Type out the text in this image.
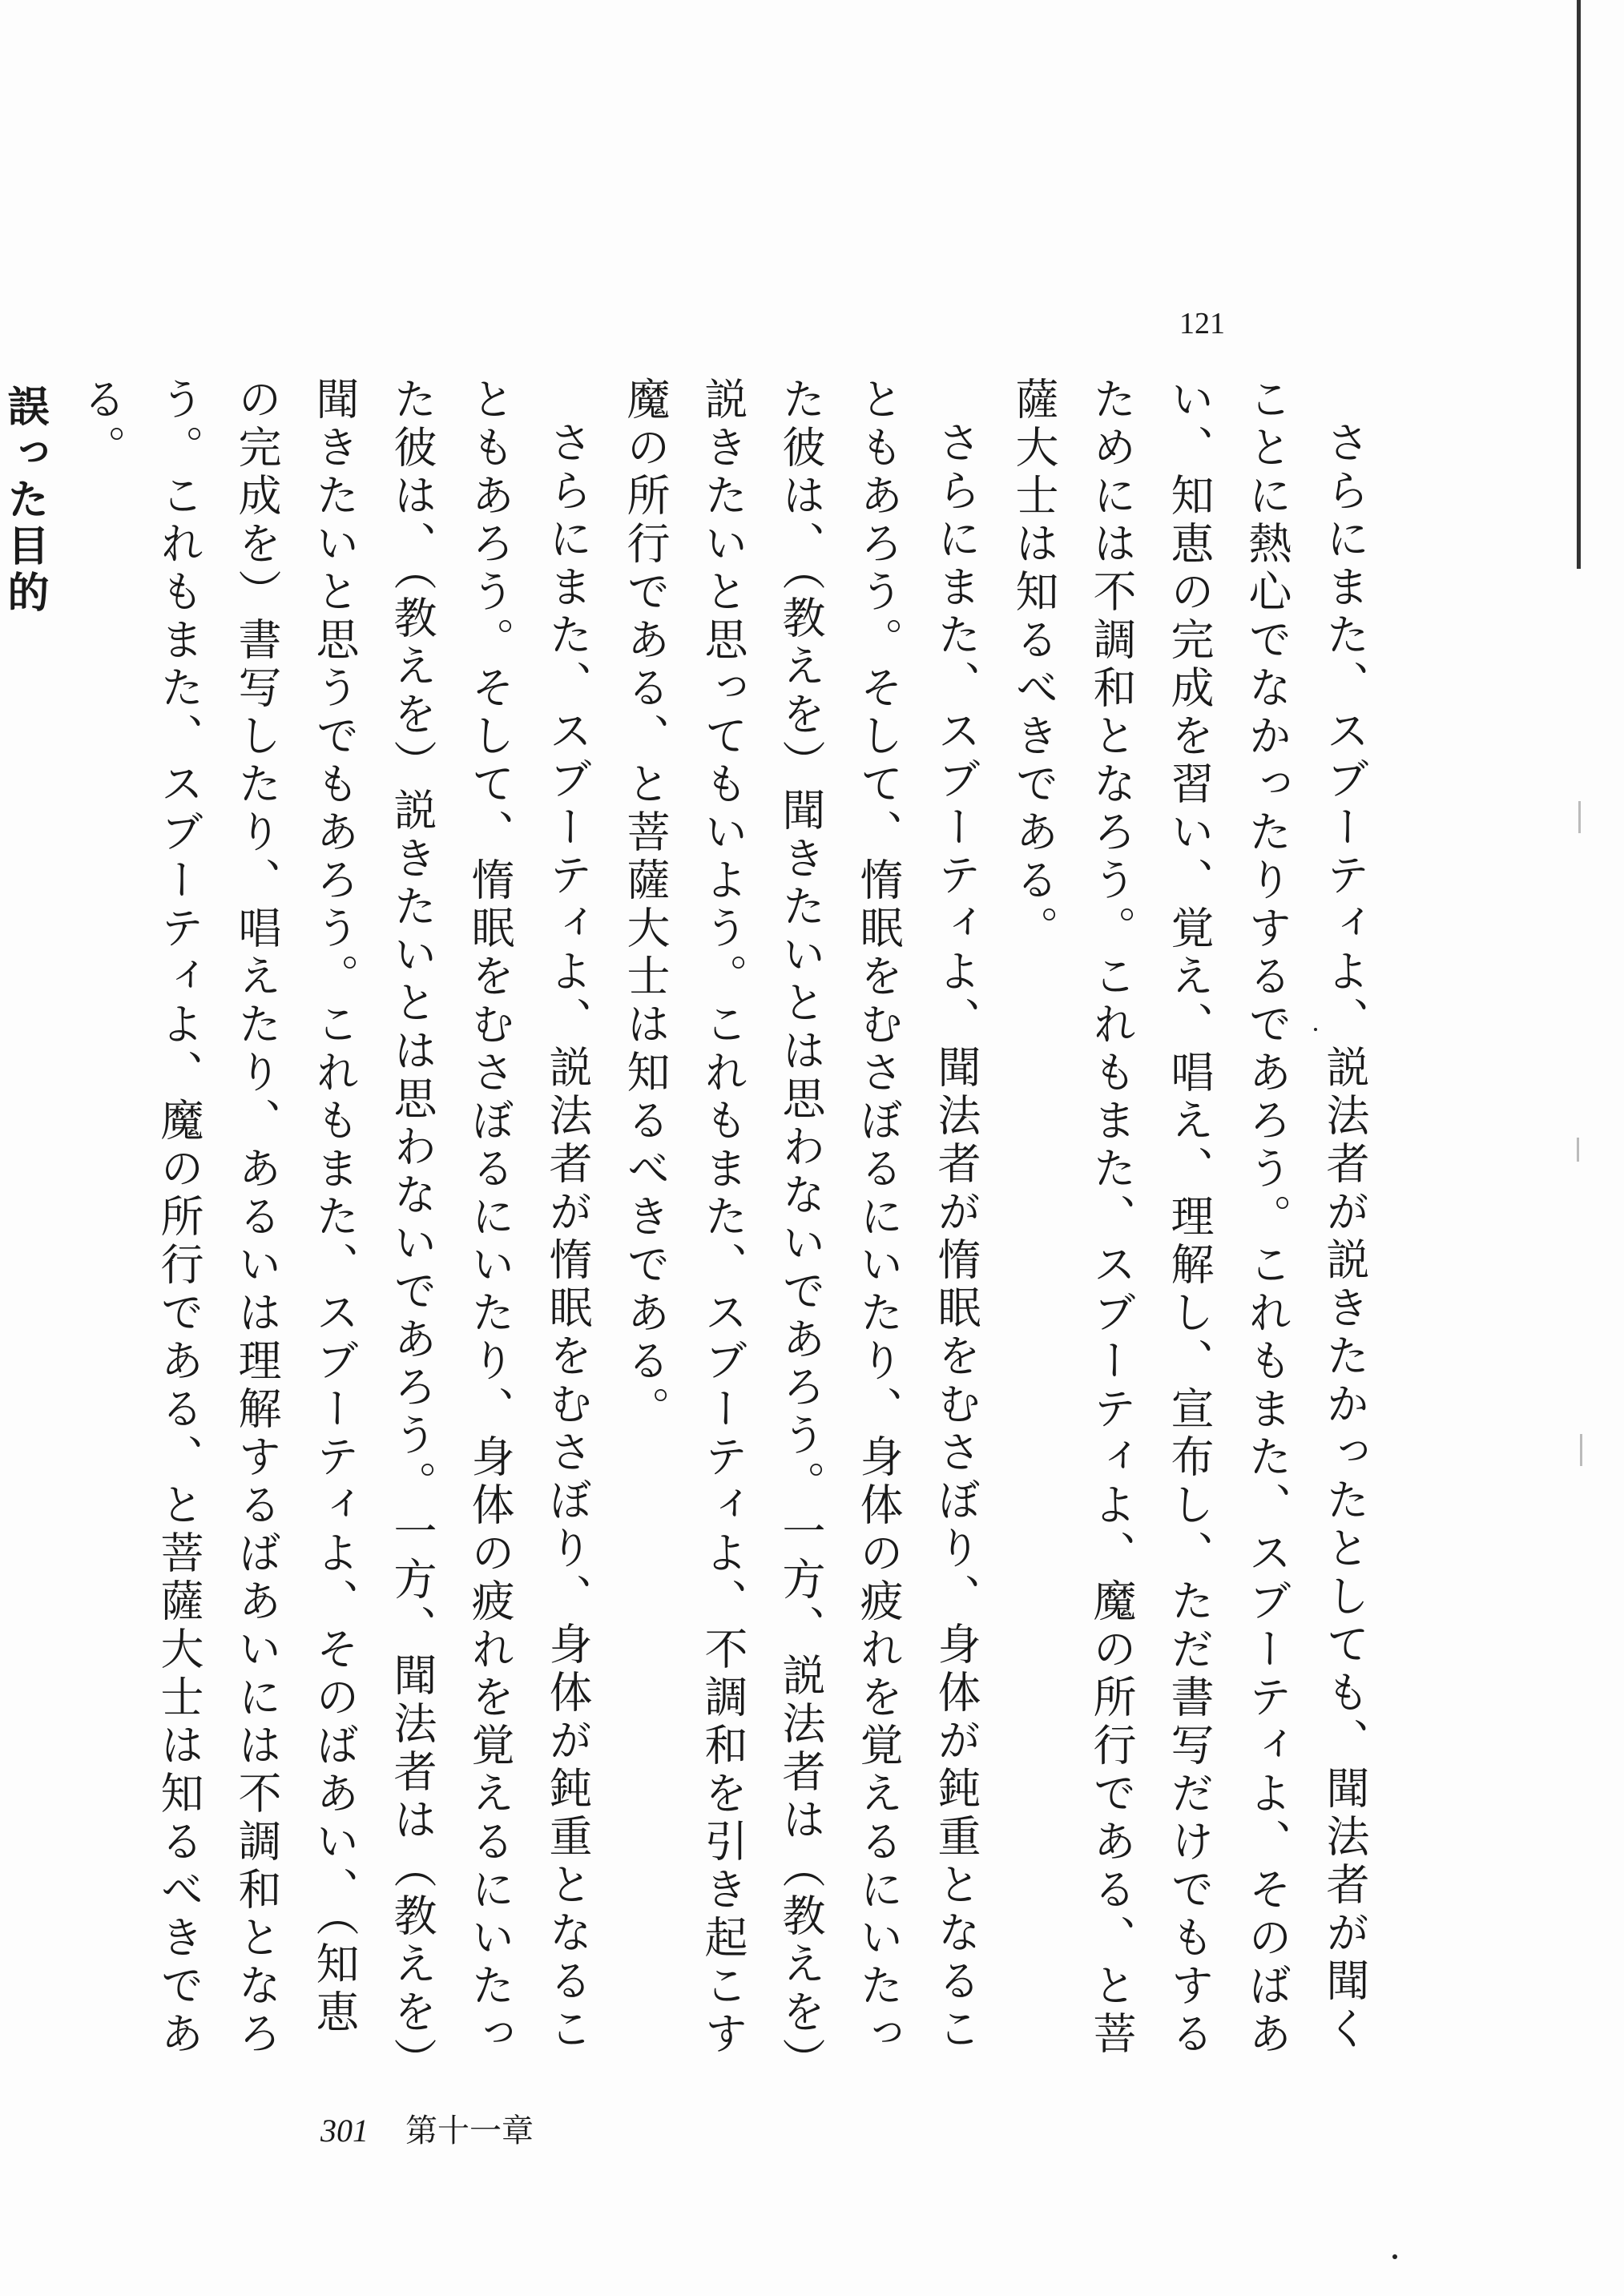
121

さらにまた、スブーティよ、説法者が説きたかったとしても、聞法者が聞くことに熱心でなかったりするであろう。これもまた、スブーティよ、そのばあい、知恵の完成を習い、覚え、唱え、理解し、宣布し、ただ書写だけでもするためには不調和となろう。これもまた、スブーティよ、魔の所行である、と菩薩大士は知るべきである。

さらにまた、スブーティよ、聞法者が惰眠をむさぼり、身体が鈍重となることもあろう。そして、惰眠をむさぼるにいたり、身体の疲れを覚えるにいたった彼は、（教えを）聞きたいとは思わないであろう。一方、説法者は（教えを）説きたいと思ってもいよう。これもまた、スブーティよ、不調和を引き起こす魔の所行である、と菩薩大士は知るべきである。

さらにまた、スブーティよ、説法者が惰眠をむさぼり、身体が鈍重となることもあろう。そして、惰眠をむさぼるにいたり、身体の疲れを覚えるにいたった彼は、（教えを）説きたいとは思わないであろう。一方、聞法者は（教えを）聞きたいと思うでもあろう。これもまた、スブーティよ、そのばあい、（知恵の完成を）書写したり、唱えたり、あるいは理解するばあいには不調和となろう。これもまた、スブーティよ、魔の所行である、と菩薩大士は知るべきである。

誤った目的

301 第十一章
